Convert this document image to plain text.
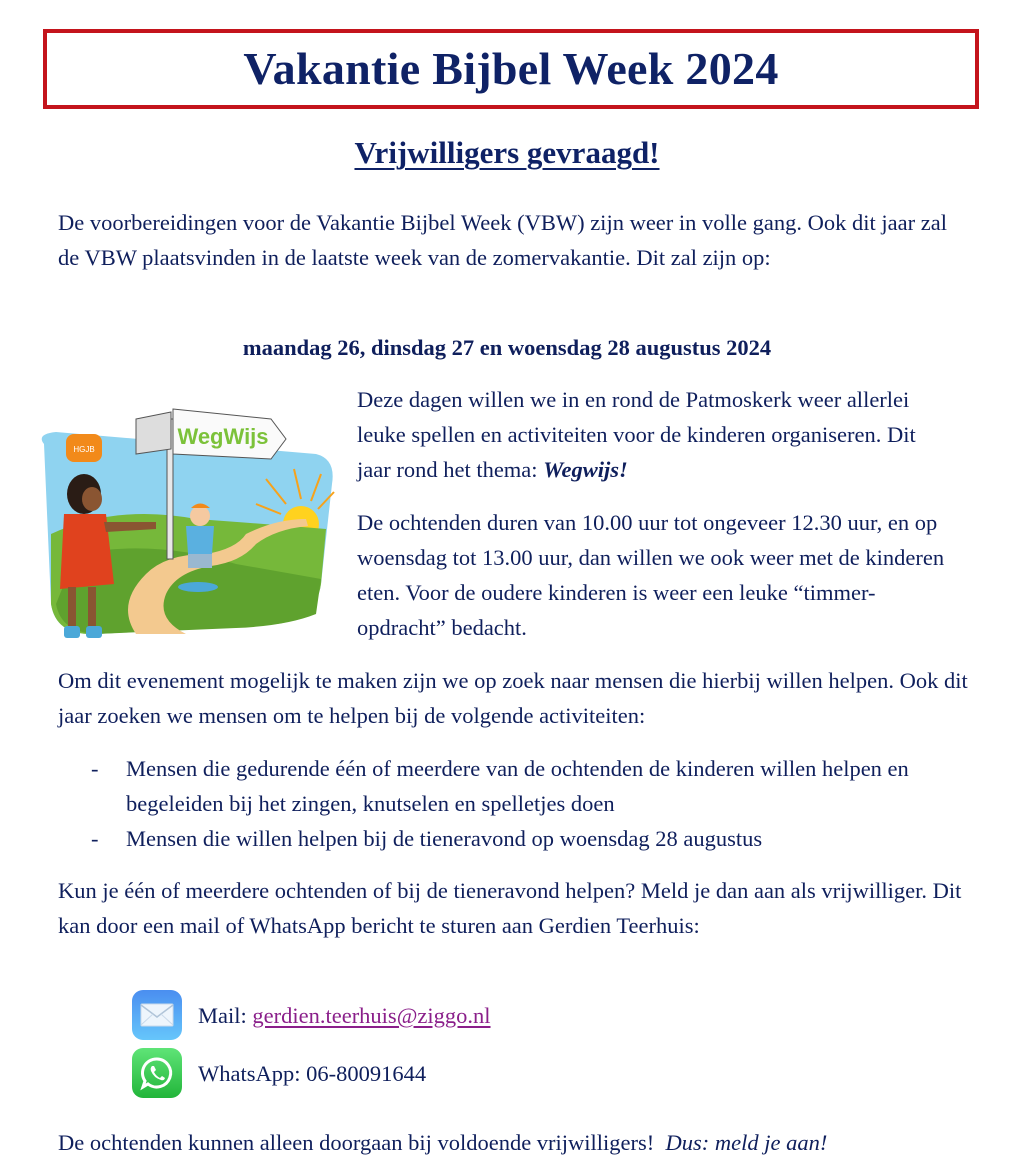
Vakantie Bijbel Week 2024
Vrijwilligers gevraagd!

De voorbereidingen voor de Vakantie Bijbel Week (VBW) zijn weer in volle gang. Ook dit jaar zal de VBW plaatsvinden in de laatste week van de zomervakantie. Dit zal zijn op:

maandag 26, dinsdag 27 en woensdag 28 augustus 2024
HGJB
WegWijs

Deze dagen willen we in en rond de Patmoskerk weer allerlei leuke spellen en activiteiten voor de kinderen organiseren. Dit jaar rond het thema: Wegwijs!

De ochtenden duren van 10.00 uur tot ongeveer 12.30 uur, en op woensdag tot 13.00 uur, dan willen we ook weer met de kinderen eten. Voor de oudere kinderen is weer een leuke “timmer-opdracht” bedacht.

Om dit evenement mogelijk te maken zijn we op zoek naar mensen die hierbij willen helpen. Ook dit jaar zoeken we mensen om te helpen bij de volgende activiteiten:

- Mensen die gedurende één of meerdere van de ochtenden de kinderen willen helpen en begeleiden bij het zingen, knutselen en spelletjes doen
- Mensen die willen helpen bij de tieneravond op woensdag 28 augustus

Kun je één of meerdere ochtenden of bij de tieneravond helpen? Meld je dan aan als vrijwilliger. Dit kan door een mail of WhatsApp bericht te sturen aan Gerdien Teerhuis:

Mail: gerdien.teerhuis@ziggo.nl
WhatsApp: 06-80091644

De ochtenden kunnen alleen doorgaan bij voldoende vrijwilligers!  Dus: meld je aan!
